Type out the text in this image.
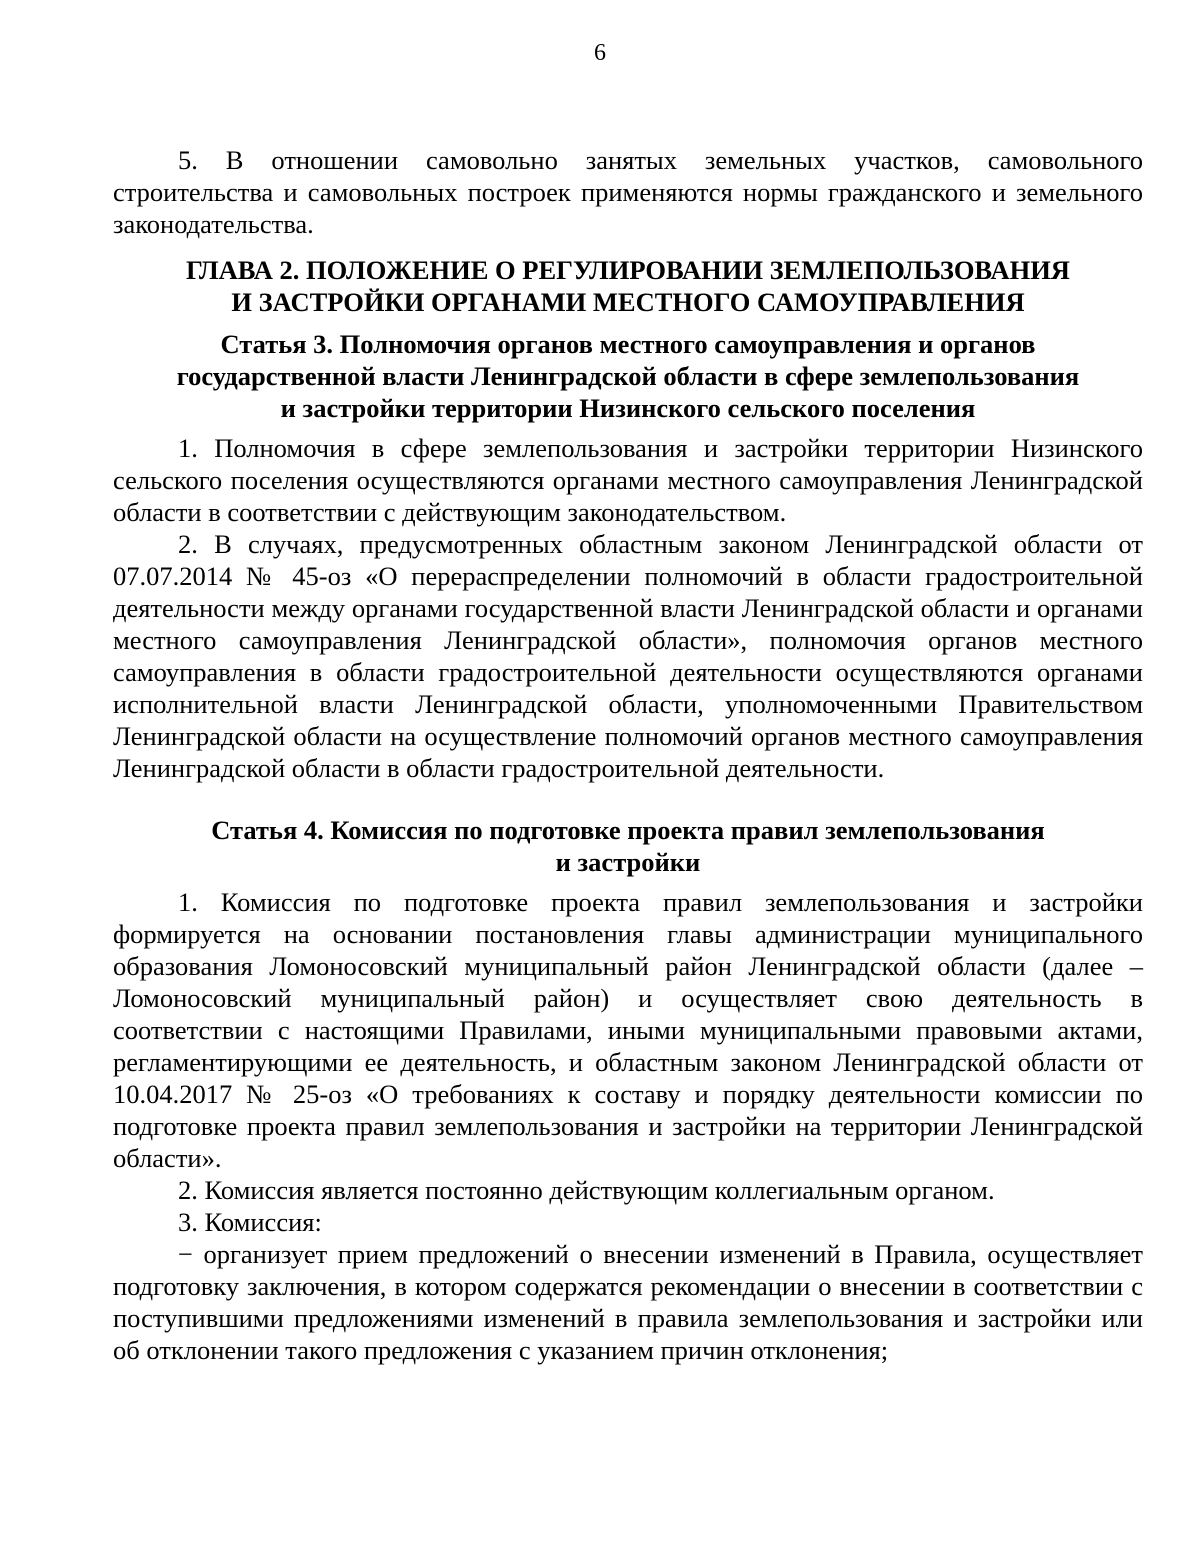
6

5. В отношении самовольно занятых земельных участков, самовольного строительства и самовольных построек применяются нормы гражданского и земельного законодательства.

ГЛАВА 2. ПОЛОЖЕНИЕ О РЕГУЛИРОВАНИИ ЗЕМЛЕПОЛЬЗОВАНИЯ
И ЗАСТРОЙКИ ОРГАНАМИ МЕСТНОГО САМОУПРАВЛЕНИЯ

Статья 3. Полномочия органов местного самоуправления и органов
государственной власти Ленинградской области в сфере землепользования
и застройки территории Низинского сельского поселения

1. Полномочия в сфере землепользования и застройки территории Низинского сельского поселения осуществляются органами местного самоуправления Ленинградской области в соответствии с действующим законодательством.

2. В случаях, предусмотренных областным законом Ленинградской области от 07.07.2014 № 45-оз «О перераспределении полномочий в области градостроительной деятельности между органами государственной власти Ленинградской области и органами местного самоуправления Ленинградской области», полномочия органов местного самоуправления в области градостроительной деятельности осуществляются органами исполнительной власти Ленинградской области, уполномоченными Правительством Ленинградской области на осуществление полномочий органов местного самоуправления Ленинградской области в области градостроительной деятельности.

Статья 4. Комиссия по подготовке проекта правил землепользования
и застройки

1. Комиссия по подготовке проекта правил землепользования и застройки формируется на основании постановления главы администрации муниципального образования Ломоносовский муниципальный район Ленинградской области (далее – Ломоносовский муниципальный район) и осуществляет свою деятельность в соответствии с настоящими Правилами, иными муниципальными правовыми актами, регламентирующими ее деятельность, и областным законом Ленинградской области от 10.04.2017 № 25-оз «О требованиях к составу и порядку деятельности комиссии по подготовке проекта правил землепользования и застройки на территории Ленинградской области».

2. Комиссия является постоянно действующим коллегиальным органом.

3. Комиссия:

− организует прием предложений о внесении изменений в Правила, осуществляет подготовку заключения, в котором содержатся рекомендации о внесении в соответствии с поступившими предложениями изменений в правила землепользования и застройки или об отклонении такого предложения с указанием причин отклонения;
